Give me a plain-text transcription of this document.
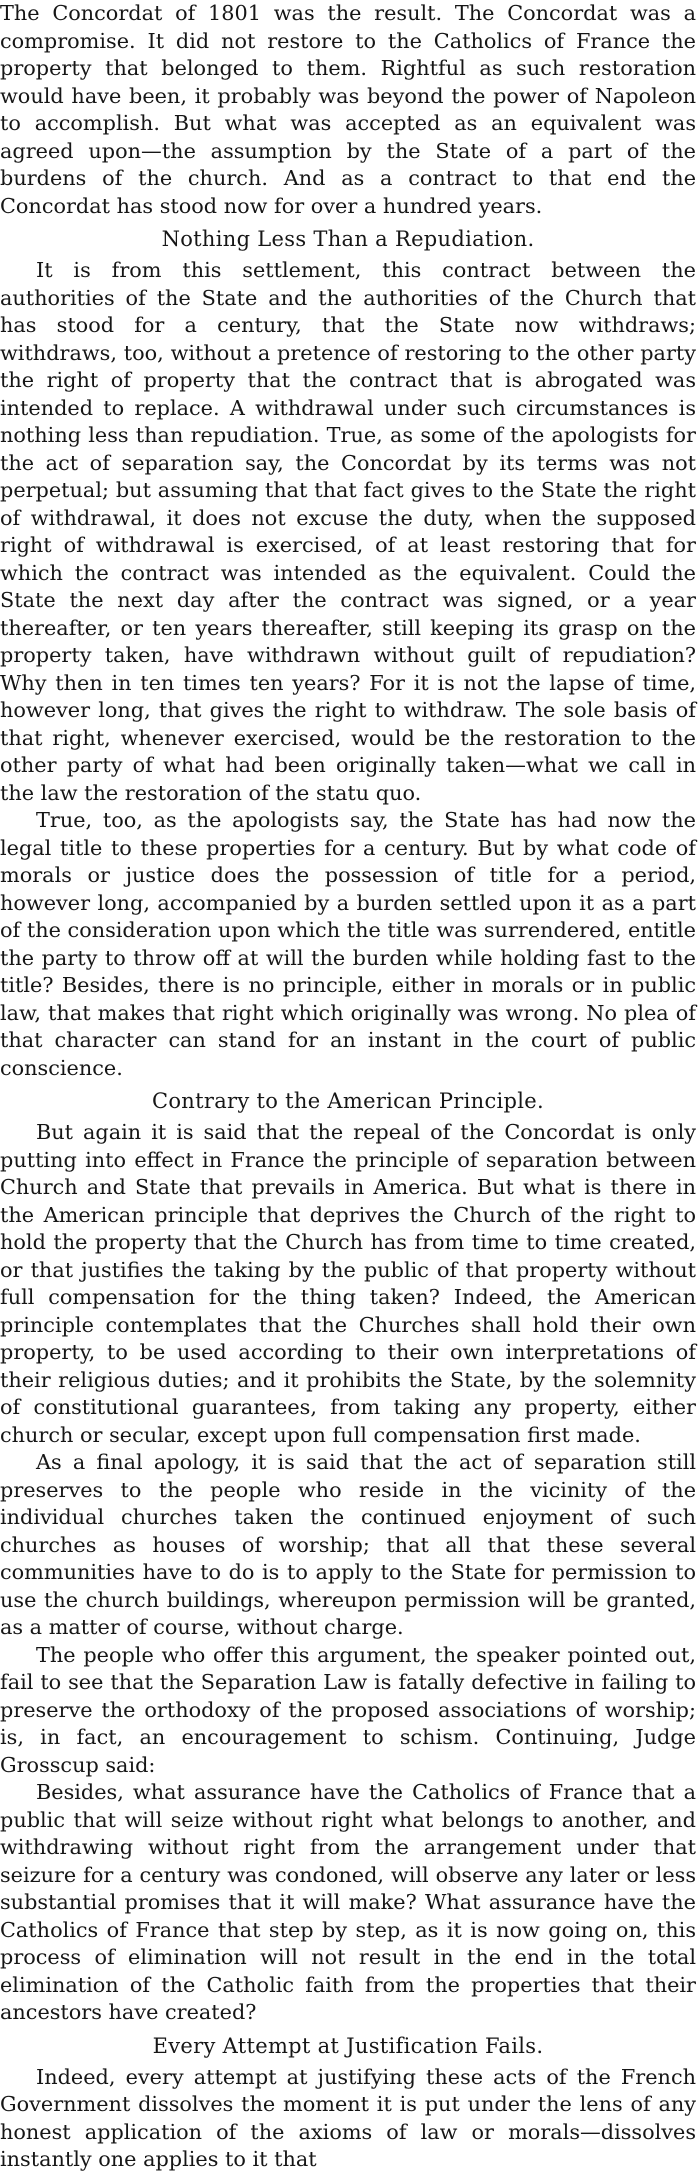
The Concordat of 1801 was the result. The Concordat was a compromise. It did not restore to the Catholics of France the property that belonged to them. Rightful as such restoration would have been, it probably was beyond the power of Napoleon to accomplish. But what was accepted as an equivalent was agreed upon—the assumption by the State of a part of the burdens of the church. And as a contract to that end the Concordat has stood now for over a hundred years.

Nothing Less Than a Repudiation.

It is from this settlement, this contract between the authorities of the State and the authorities of the Church that has stood for a century, that the State now withdraws; withdraws, too, without a pretence of restoring to the other party the right of property that the contract that is abrogated was intended to replace. A withdrawal under such circumstances is nothing less than repudiation. True, as some of the apologists for the act of separation say, the Concordat by its terms was not perpetual; but assuming that that fact gives to the State the right of withdrawal, it does not excuse the duty, when the supposed right of withdrawal is exercised, of at least restoring that for which the contract was intended as the equivalent. Could the State the next day after the contract was signed, or a year thereafter, or ten years thereafter, still keeping its grasp on the property taken, have withdrawn without guilt of repudiation? Why then in ten times ten years? For it is not the lapse of time, however long, that gives the right to withdraw. The sole basis of that right, whenever exercised, would be the restoration to the other party of what had been originally taken—what we call in the law the restoration of the statu quo.

True, too, as the apologists say, the State has had now the legal title to these properties for a century. But by what code of morals or justice does the possession of title for a period, however long, accompanied by a burden settled upon it as a part of the consideration upon which the title was surrendered, entitle the party to throw off at will the burden while holding fast to the title? Besides, there is no principle, either in morals or in public law, that makes that right which originally was wrong. No plea of that character can stand for an instant in the court of public conscience.

Contrary to the American Principle.

But again it is said that the repeal of the Concordat is only putting into effect in France the principle of separation between Church and State that prevails in America. But what is there in the American principle that deprives the Church of the right to hold the property that the Church has from time to time created, or that justifies the taking by the public of that property without full compensation for the thing taken? Indeed, the American principle contemplates that the Churches shall hold their own property, to be used according to their own interpretations of their religious duties; and it prohibits the State, by the solemnity of constitutional guarantees, from taking any property, either church or secular, except upon full compensation first made.

As a final apology, it is said that the act of separation still preserves to the people who reside in the vicinity of the individual churches taken the continued enjoyment of such churches as houses of worship; that all that these several communities have to do is to apply to the State for permission to use the church buildings, whereupon permission will be granted, as a matter of course, without charge.

The people who offer this argument, the speaker pointed out, fail to see that the Separation Law is fatally defective in failing to preserve the orthodoxy of the proposed associations of worship; is, in fact, an encouragement to schism. Continuing, Judge Grosscup said:

Besides, what assurance have the Catholics of France that a public that will seize without right what belongs to another, and withdrawing without right from the arrangement under that seizure for a century was condoned, will observe any later or less substantial promises that it will make? What assurance have the Catholics of France that step by step, as it is now going on, this process of elimination will not result in the end in the total elimination of the Catholic faith from the properties that their ancestors have created?

Every Attempt at Justification Fails.

Indeed, every attempt at justifying these acts of the French Government dissolves the moment it is put under the lens of any honest application of the axioms of law or morals—dissolves instantly one applies to it that
